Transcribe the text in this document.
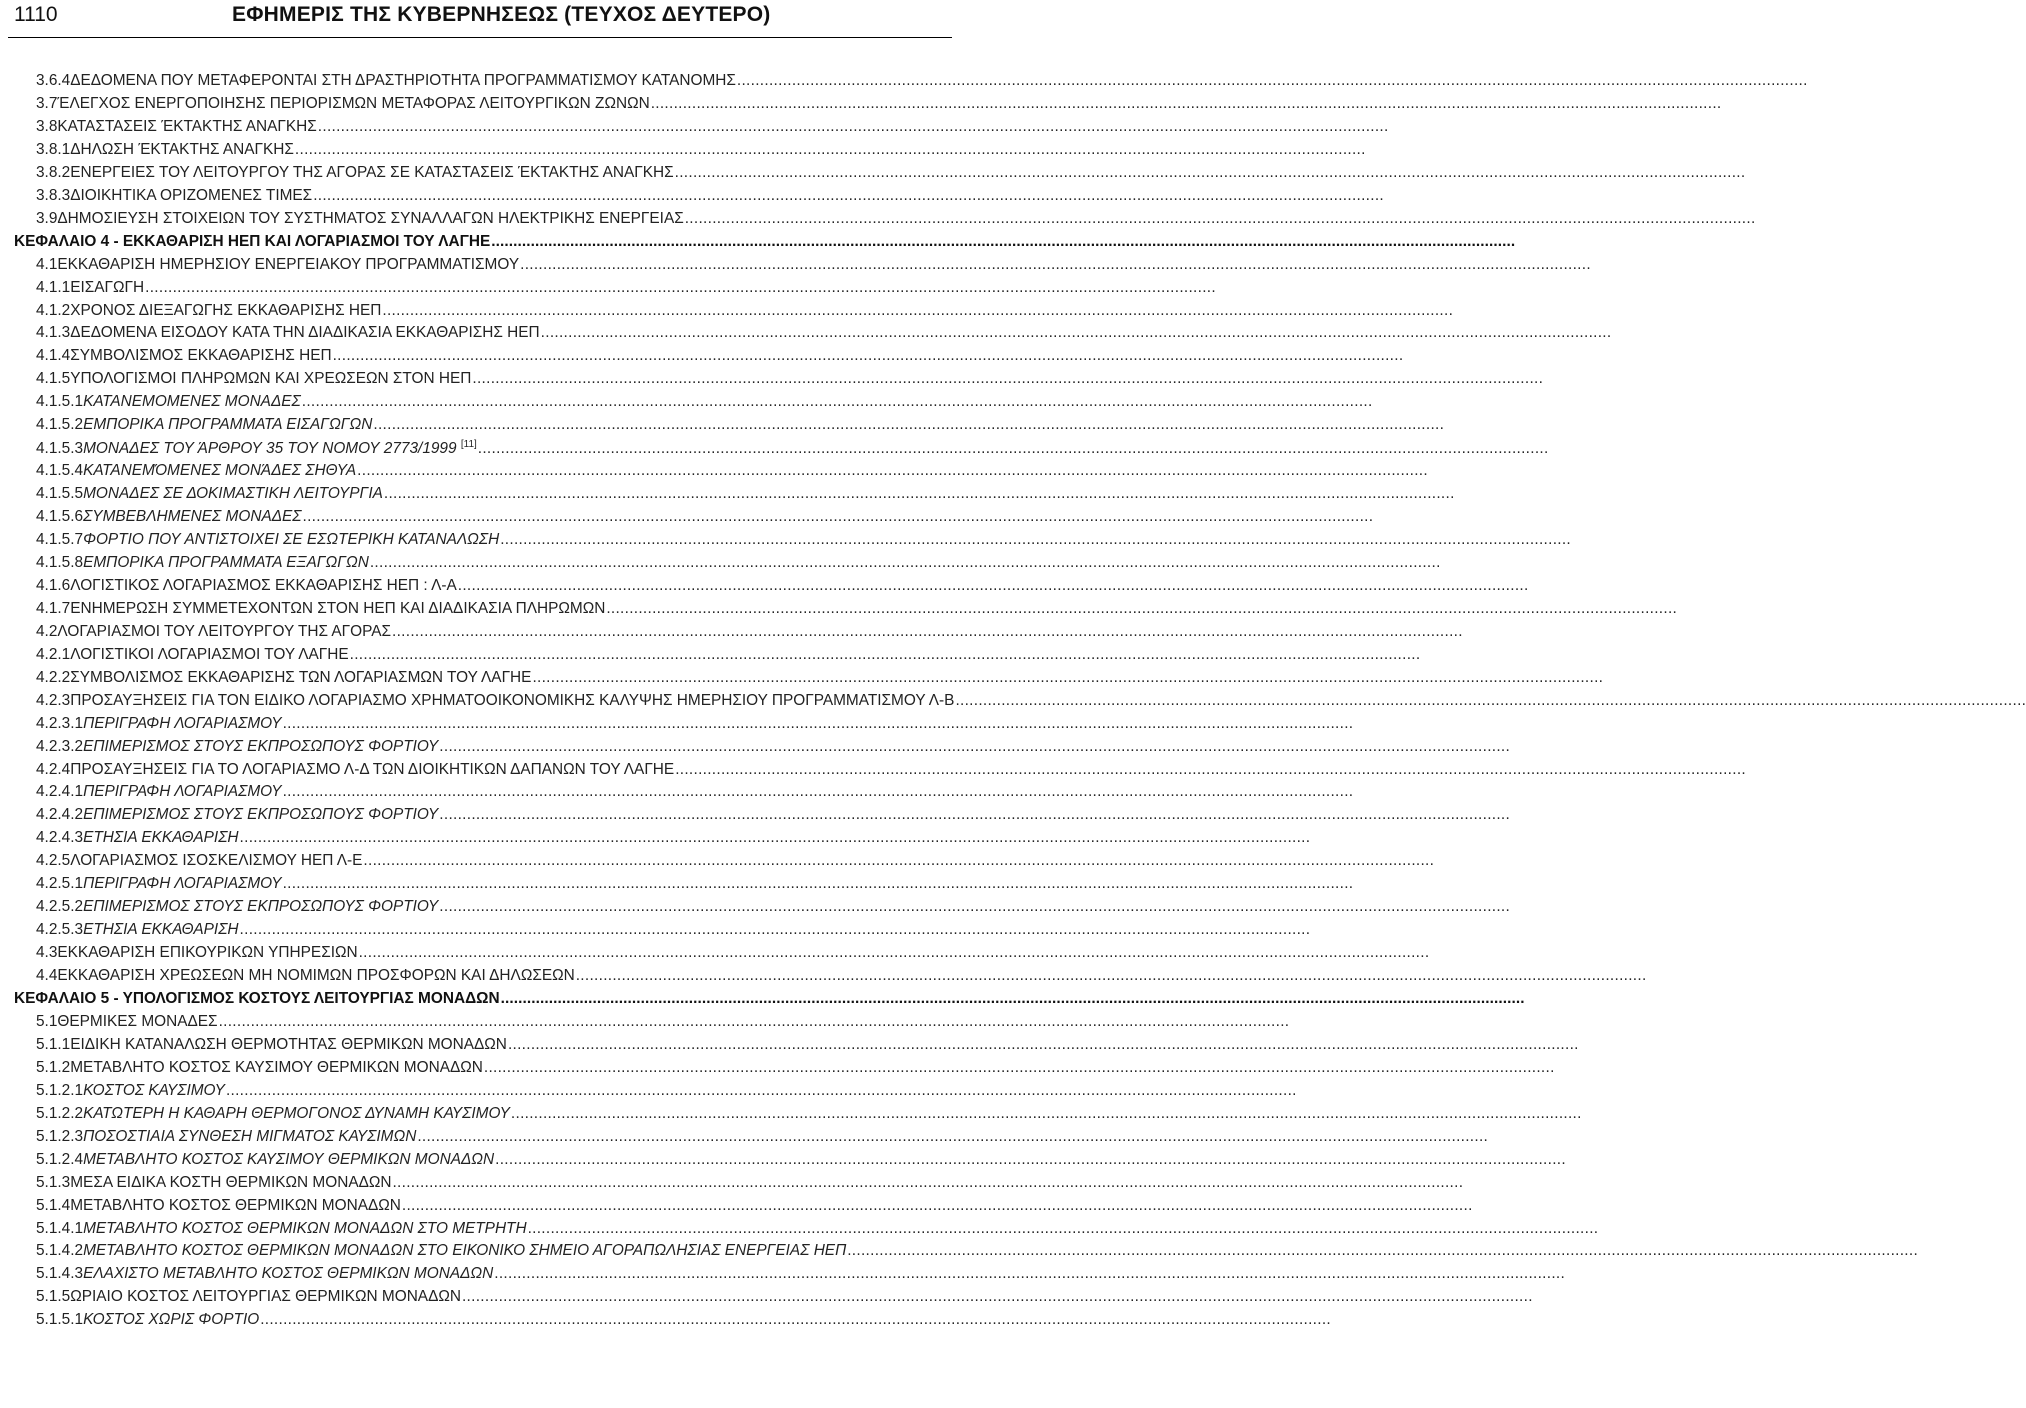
1110	ΕΦΗΜΕΡΙΣ ΤΗΣ ΚΥΒΕΡΝΗΣΕΩΣ (ΤΕΥΧΟΣ ΔΕΥΤΕΡΟ)
3.6.4 ΔΕΔΟΜΕΝΑ ΠΟΥ ΜΕΤΑΦΕΡΟΝΤΑΙ ΣΤΗ ΔΡΑΣΤΗΡΙΟΤΗΤΑ ΠΡΟΓΡΑΜΜΑΤΙΣΜΟΥ ΚΑΤΑΝΟΜΗΣ
.....
3.7 ΈΛΕΓΧΟΣ ΕΝΕΡΓΟΠΟΙΗΣΗΣ ΠΕΡΙΟΡΙΣΜΩΝ ΜΕΤΑΦΟΡΑΣ ΛΕΙΤΟΥΡΓΙΚΩΝ ΖΩΝΩΝ
.....
3.8 ΚΑΤΑΣΤΑΣΕΙΣ ΈΚΤΑΚΤΗΣ ΑΝΑΓΚΗΣ
.....
3.8.1 ΔΗΛΩΣΗ ΈΚΤΑΚΤΗΣ ΑΝΑΓΚΗΣ
.....
3.8.2 ΕΝΕΡΓΕΙΕΣ ΤΟΥ ΛΕΙΤΟΥΡΓΟΥ ΤΗΣ ΑΓΟΡΑΣ ΣΕ ΚΑΤΑΣΤΑΣΕΙΣ ΈΚΤΑΚΤΗΣ ΑΝΑΓΚΗΣ
.....
3.8.3 ΔΙΟΙΚΗΤΙΚΑ ΟΡΙΖΟΜΕΝΕΣ ΤΙΜΕΣ
.....
3.9 ΔΗΜΟΣΙΕΥΣΗ ΣΤΟΙΧΕΙΩΝ ΤΟΥ ΣΥΣΤΗΜΑΤΟΣ ΣΥΝΑΛΛΑΓΩΝ ΗΛΕΚΤΡΙΚΗΣ ΕΝΕΡΓΕΙΑΣ
.....
ΚΕΦΑΛΑΙΟ 4 - ΕΚΚΑΘΑΡΙΣΗ ΗΕΠ ΚΑΙ ΛΟΓΑΡΙΑΣΜΟΙ ΤΟΥ ΛΑΓΗΕ
.....
4.1 ΕΚΚΑΘΑΡΙΣΗ ΗΜΕΡΗΣΙΟΥ ΕΝΕΡΓΕΙΑΚΟΥ ΠΡΟΓΡΑΜΜΑΤΙΣΜΟΥ
.....
4.1.1 ΕΙΣΑΓΩΓΗ
.....
4.1.2 ΧΡΟΝΟΣ ΔΙΕΞΑΓΩΓΗΣ ΕΚΚΑΘΑΡΙΣΗΣ ΗΕΠ
.....
4.1.3 ΔΕΔΟΜΕΝΑ ΕΙΣΟΔΟΥ ΚΑΤΑ ΤΗΝ ΔΙΑΔΙΚΑΣΙΑ ΕΚΚΑΘΑΡΙΣΗΣ ΗΕΠ
.....
4.1.4 ΣΥΜΒΟΛΙΣΜΟΣ ΕΚΚΑΘΑΡΙΣΗΣ ΗΕΠ
.....
4.1.5 ΥΠΟΛΟΓΙΣΜΟΙ ΠΛΗΡΩΜΩΝ ΚΑΙ ΧΡΕΩΣΕΩΝ ΣΤΟΝ ΗΕΠ
.....
4.1.5.1 ΚΑΤΑΝΕΜΟΜΕΝΕΣ ΜΟΝΑΔΕΣ
.....
4.1.5.2 ΕΜΠΟΡΙΚΑ ΠΡΟΓΡΑΜΜΑΤΑ ΕΙΣΑΓΩΓΩΝ
.....
4.1.5.3 ΜΟΝΑΔΕΣ ΤΟΥ ΆΡΘΡΟΥ 35 ΤΟΥ ΝΟΜΟΥ 2773/1999 [11]
.....
4.1.5.4 ΚΑΤΑΝΕΜΌΜΕΝΕΣ ΜΟΝΆΔΕΣ ΣΗΘΥΑ
.....
4.1.5.5 ΜΟΝΑΔΕΣ ΣΕ ΔΟΚΙΜΑΣΤΙΚΗ ΛΕΙΤΟΥΡΓΙΑ
.....
4.1.5.6 ΣΥΜΒΕΒΛΗΜΕΝΕΣ ΜΟΝΑΔΕΣ
.....
4.1.5.7 ΦΟΡΤΙΟ ΠΟΥ ΑΝΤΙΣΤΟΙΧΕΙ ΣΕ ΕΣΩΤΕΡΙΚΗ ΚΑΤΑΝΑΛΩΣΗ
.....
4.1.5.8 ΕΜΠΟΡΙΚΑ ΠΡΟΓΡΑΜΜΑΤΑ ΕΞΑΓΩΓΩΝ
.....
4.1.6 ΛΟΓΙΣΤΙΚΟΣ ΛΟΓΑΡΙΑΣΜΟΣ ΕΚΚΑΘΑΡΙΣΗΣ ΗΕΠ : Λ-Α
.....
4.1.7 ΕΝΗΜΕΡΩΣΗ ΣΥΜΜΕΤΕΧΟΝΤΩΝ ΣΤΟΝ ΗΕΠ ΚΑΙ ΔΙΑΔΙΚΑΣΙΑ ΠΛΗΡΩΜΩΝ
.....
4.2 ΛΟΓΑΡΙΑΣΜΟΙ ΤΟΥ ΛΕΙΤΟΥΡΓΟΥ ΤΗΣ ΑΓΟΡΑΣ
.....
4.2.1 ΛΟΓΙΣΤΙΚΟΙ ΛΟΓΑΡΙΑΣΜΟΙ ΤΟΥ ΛΑΓΗΕ
.....
4.2.2 ΣΥΜΒΟΛΙΣΜΟΣ ΕΚΚΑΘΑΡΙΣΗΣ ΤΩΝ ΛΟΓΑΡΙΑΣΜΩΝ ΤΟΥ ΛΑΓΗΕ
.....
4.2.3 ΠΡΟΣΑΥΞΗΣΕΙΣ ΓΙΑ ΤΟΝ ΕΙΔΙΚΟ ΛΟΓΑΡΙΑΣΜΟ ΧΡΗΜΑΤΟΟΙΚΟΝΟΜΙΚΗΣ ΚΑΛΥΨΗΣ ΗΜΕΡΗΣΙΟΥ ΠΡΟΓΡΑΜΜΑΤΙΣΜΟΥ Λ-Β
.....
4.2.3.1 ΠΕΡΙΓΡΑΦΗ ΛΟΓΑΡΙΑΣΜΟΥ
.....
4.2.3.2 ΕΠΙΜΕΡΙΣΜΟΣ ΣΤΟΥΣ ΕΚΠΡΟΣΩΠΟΥΣ ΦΟΡΤΙΟΥ
.....
4.2.4 ΠΡΟΣΑΥΞΗΣΕΙΣ ΓΙΑ ΤΟ ΛΟΓΑΡΙΑΣΜΟ Λ-Δ ΤΩΝ ΔΙΟΙΚΗΤΙΚΩΝ ΔΑΠΑΝΩΝ ΤΟΥ ΛΑΓΗΕ
.....
4.2.4.1 ΠΕΡΙΓΡΑΦΗ ΛΟΓΑΡΙΑΣΜΟΥ
.....
4.2.4.2 ΕΠΙΜΕΡΙΣΜΟΣ ΣΤΟΥΣ ΕΚΠΡΟΣΩΠΟΥΣ ΦΟΡΤΙΟΥ
.....
4.2.4.3 ΕΤΗΣΙΑ ΕΚΚΑΘΑΡΙΣΗ
.....
4.2.5 ΛΟΓΑΡΙΑΣΜΟΣ ΙΣΟΣΚΕΛΙΣΜΟΥ ΗΕΠ Λ-Ε
.....
4.2.5.1 ΠΕΡΙΓΡΑΦΗ ΛΟΓΑΡΙΑΣΜΟΥ
.....
4.2.5.2 ΕΠΙΜΕΡΙΣΜΟΣ ΣΤΟΥΣ ΕΚΠΡΟΣΩΠΟΥΣ ΦΟΡΤΙΟΥ
.....
4.2.5.3 ΕΤΗΣΙΑ ΕΚΚΑΘΑΡΙΣΗ
.....
4.3 ΕΚΚΑΘΑΡΙΣΗ ΕΠΙΚΟΥΡΙΚΩΝ ΥΠΗΡΕΣΙΩΝ
.....
4.4 ΕΚΚΑΘΑΡΙΣΗ ΧΡΕΩΣΕΩΝ ΜΗ ΝΟΜΙΜΩΝ ΠΡΟΣΦΟΡΩΝ ΚΑΙ ΔΗΛΩΣΕΩΝ
.....
ΚΕΦΑΛΑΙΟ 5 - ΥΠΟΛΟΓΙΣΜΟΣ ΚΟΣΤΟΥΣ ΛΕΙΤΟΥΡΓΙΑΣ ΜΟΝΑΔΩΝ
.....
5.1 ΘΕΡΜΙΚΕΣ ΜΟΝΑΔΕΣ
.....
5.1.1 ΕΙΔΙΚΗ ΚΑΤΑΝΑΛΩΣΗ ΘΕΡΜΟΤΗΤΑΣ ΘΕΡΜΙΚΩΝ ΜΟΝΑΔΩΝ
.....
5.1.2 ΜΕΤΑΒΛΗΤΟ ΚΟΣΤΟΣ ΚΑΥΣΙΜΟΥ ΘΕΡΜΙΚΩΝ ΜΟΝΑΔΩΝ
.....
5.1.2.1 ΚΟΣΤΟΣ ΚΑΥΣΙΜΟΥ
.....
5.1.2.2 ΚΑΤΩΤΕΡΗ Η ΚΑΘΑΡΗ ΘΕΡΜΟΓΟΝΟΣ ΔΥΝΑΜΗ ΚΑΥΣΙΜΟΥ
.....
5.1.2.3 ΠΟΣΟΣΤΙΑΙΑ ΣΥΝΘΕΣΗ ΜΙΓΜΑΤΟΣ ΚΑΥΣΙΜΩΝ
.....
5.1.2.4 ΜΕΤΑΒΛΗΤΟ ΚΟΣΤΟΣ ΚΑΥΣΙΜΟΥ ΘΕΡΜΙΚΩΝ ΜΟΝΑΔΩΝ
.....
5.1.3 ΜΕΣΑ ΕΙΔΙΚΑ ΚΟΣΤΗ ΘΕΡΜΙΚΩΝ ΜΟΝΑΔΩΝ
.....
5.1.4 ΜΕΤΑΒΛΗΤΟ ΚΟΣΤΟΣ ΘΕΡΜΙΚΩΝ ΜΟΝΑΔΩΝ
.....
5.1.4.1 ΜΕΤΑΒΛΗΤΟ ΚΟΣΤΟΣ ΘΕΡΜΙΚΩΝ ΜΟΝΑΔΩΝ ΣΤΟ ΜΕΤΡΗΤΗ
.....
5.1.4.2 ΜΕΤΑΒΛΗΤΟ ΚΟΣΤΟΣ ΘΕΡΜΙΚΩΝ ΜΟΝΑΔΩΝ ΣΤΟ ΕΙΚΟΝΙΚΟ ΣΗΜΕΙΟ ΑΓΟΡΑΠΩΛΗΣΙΑΣ ΕΝΕΡΓΕΙΑΣ ΗΕΠ
.....
5.1.4.3 ΕΛΑΧΙΣΤΟ ΜΕΤΑΒΛΗΤΟ ΚΟΣΤΟΣ ΘΕΡΜΙΚΩΝ ΜΟΝΑΔΩΝ
.....
5.1.5 ΩΡΙΑΙΟ ΚΟΣΤΟΣ ΛΕΙΤΟΥΡΓΙΑΣ ΘΕΡΜΙΚΩΝ ΜΟΝΑΔΩΝ
.....
5.1.5.1 ΚΟΣΤΟΣ ΧΩΡΙΣ ΦΟΡΤΙΟ
.....
